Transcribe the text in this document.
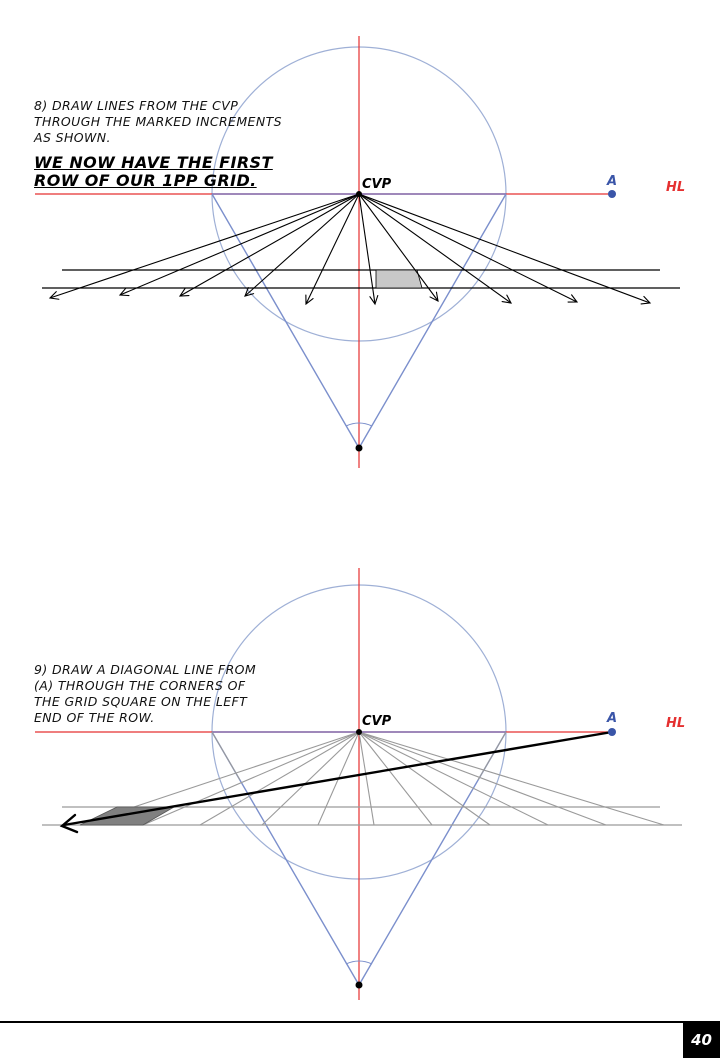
8) DRAW LINES FROM THE CVP

THROUGH THE MARKED INCREMENTS

AS SHOWN.

WE NOW HAVE THE FIRST

ROW OF OUR 1PP GRID.	CVP	A	HL

9) DRAW A DIAGONAL LINE FROM

(A) THROUGH THE CORNERS OF

THE GRID SQUARE ON THE LEFT

END OF THE ROW.	CVP	A	HL
40
